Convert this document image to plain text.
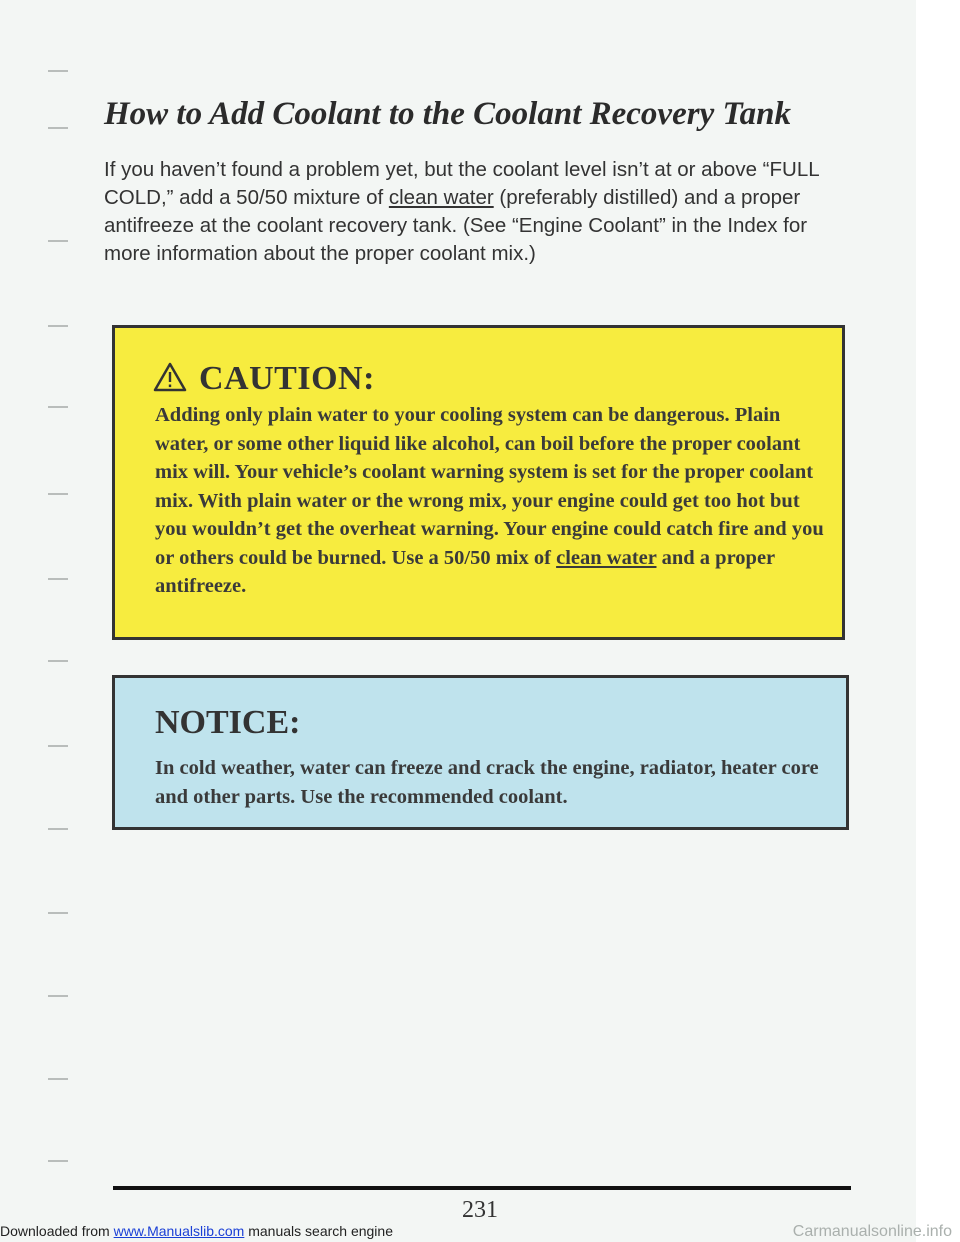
How to Add Coolant to the Coolant Recovery Tank

If you haven’t found a problem yet, but the coolant level isn’t at or above “FULL COLD,” add a 50/50 mixture of clean water (preferably distilled) and a proper antifreeze at the coolant recovery tank. (See “Engine Coolant” in the Index for more information about the proper coolant mix.)

CAUTION:

Adding only plain water to your cooling system can be dangerous. Plain water, or some other liquid like alcohol, can boil before the proper coolant mix will. Your vehicle’s coolant warning system is set for the proper coolant mix. With plain water or the wrong mix, your engine could get too hot but you wouldn’t get the overheat warning. Your engine could catch fire and you or others could be burned. Use a 50/50 mix of clean water and a proper antifreeze.

NOTICE:

In cold weather, water can freeze and crack the engine, radiator, heater core and other parts. Use the recommended coolant.

231
Downloaded from www.Manualslib.com manuals search engine	Carmanualsonline.info
